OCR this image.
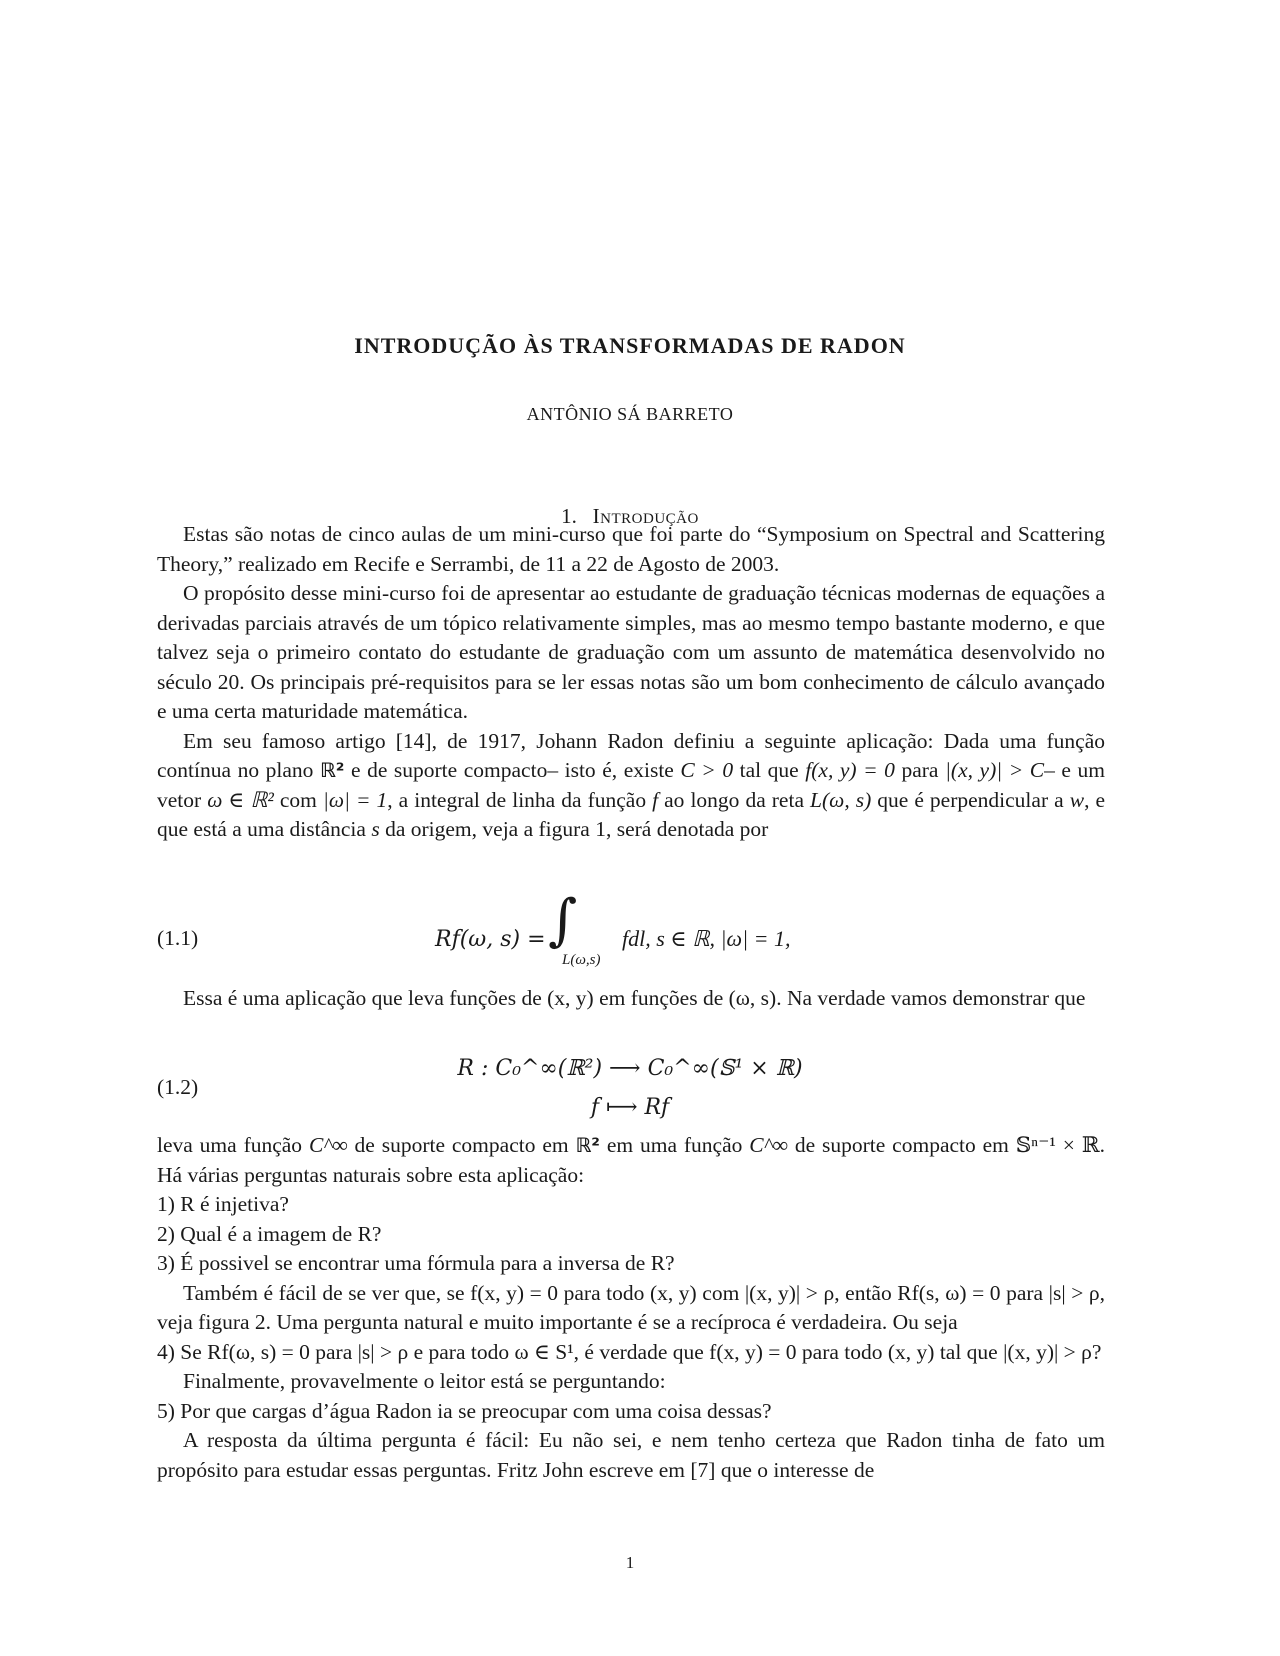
INTRODUÇÃO ÀS TRANSFORMADAS DE RADON
ANTÔNIO SÁ BARRETO
1. Introdução

Estas são notas de cinco aulas de um mini-curso que foi parte do “Symposium on Spectral and Scattering Theory,” realizado em Recife e Serrambi, de 11 a 22 de Agosto de 2003.

O propósito desse mini-curso foi de apresentar ao estudante de graduação técnicas modernas de equações a derivadas parciais através de um tópico relativamente simples, mas ao mesmo tempo bastante moderno, e que talvez seja o primeiro contato do estudante de graduação com um assunto de matemática desenvolvido no século 20. Os principais pré-requisitos para se ler essas notas são um bom conhecimento de cálculo avançado e uma certa maturidade matemática.

Em seu famoso artigo [14], de 1917, Johann Radon definiu a seguinte aplicação: Dada uma função contínua no plano ℝ² e de suporte compacto– isto é, existe C > 0 tal que f(x, y) = 0 para |(x, y)| > C– e um vetor ω ∈ ℝ² com |ω| = 1, a integral de linha da função f ao longo da reta L(ω, s) que é perpendicular a w, e que está a uma distância s da origem, veja a figura 1, será denotada por

(1.1)	Rf(ω, s) = ∫
L(ω,s)
fdl, s ∈ ℝ, |ω| = 1,

Essa é uma aplicação que leva funções de (x, y) em funções de (ω, s). Na verdade vamos demonstrar que

(1.2)
R : C₀^∞(ℝ²) ⟶ C₀^∞(𝕊¹ × ℝ)
f ⟼ Rf

leva uma função C^∞ de suporte compacto em ℝ² em uma função C^∞ de suporte compacto em 𝕊ⁿ⁻¹ × ℝ. Há várias perguntas naturais sobre esta aplicação:

1) R é injetiva?

2) Qual é a imagem de R?

3) É possivel se encontrar uma fórmula para a inversa de R?

Também é fácil de se ver que, se f(x, y) = 0 para todo (x, y) com |(x, y)| > ρ, então Rf(s, ω) = 0 para |s| > ρ, veja figura 2. Uma pergunta natural e muito importante é se a recíproca é verdadeira. Ou seja

4) Se Rf(ω, s) = 0 para |s| > ρ e para todo ω ∈ S¹, é verdade que f(x, y) = 0 para todo (x, y) tal que |(x, y)| > ρ?

Finalmente, provavelmente o leitor está se perguntando:

5) Por que cargas d’água Radon ia se preocupar com uma coisa dessas?

A resposta da última pergunta é fácil: Eu não sei, e nem tenho certeza que Radon tinha de fato um propósito para estudar essas perguntas. Fritz John escreve em [7] que o interesse de

1
